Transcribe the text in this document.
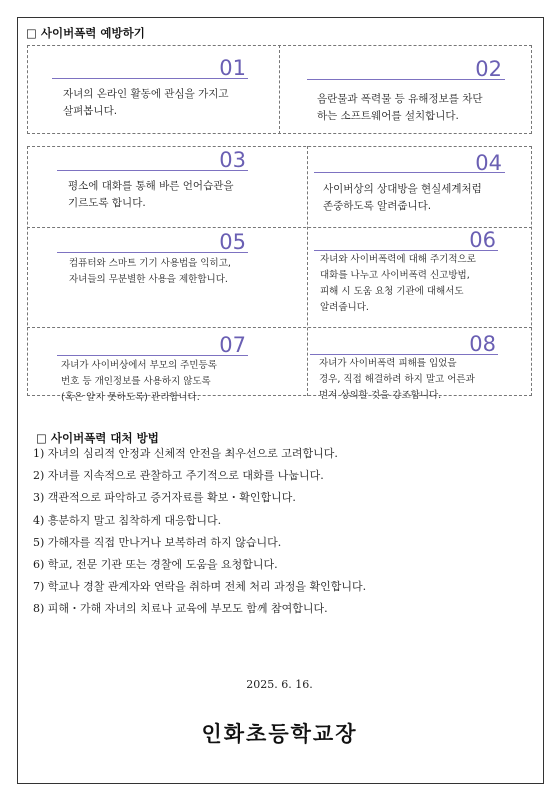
□ 사이버폭력 예방하기
01
자녀의 온라인 활동에 관심을 가지고
살펴봅니다.
02
음란물과 폭력물 등 유해정보를 차단
하는 소프트웨어를 설치합니다.
03
평소에 대화를 통해 바른 언어습관을
기르도록 합니다.
04
사이버상의 상대방을 현실세계처럼
존중하도록 알려줍니다.
05
컴퓨터와 스마트 기기 사용법을 익히고,
자녀들의 무분별한 사용을 제한합니다.
06
자녀와 사이버폭력에 대해 주기적으로
대화를 나누고 사이버폭력 신고방법,
피해 시 도움 요청 기관에 대해서도
알려줍니다.
07
자녀가 사이버상에서 부모의 주민등록
번호 등 개인정보를 사용하지 않도록
(혹은 알지 못하도록) 관리합니다.
08
자녀가 사이버폭력 피해를 입었을
경우, 직접 해결하려 하지 말고 어른과
먼저 상의할 것을 강조합니다.
□ 사이버폭력 대처 방법
1) 자녀의 심리적 안정과 신체적 안전을 최우선으로 고려합니다.
2) 자녀를 지속적으로 관찰하고 주기적으로 대화를 나눕니다.
3) 객관적으로 파악하고 증거자료를 확보・확인합니다.
4) 흥분하지 말고 침착하게 대응합니다.
5) 가해자를 직접 만나거나 보복하려 하지 않습니다.
6) 학교, 전문 기관 또는 경찰에 도움을 요청합니다.
7) 학교나 경찰 관계자와 연락을 취하며 전체 처리 과정을 확인합니다.
8) 피해・가해 자녀의 치료나 교육에 부모도 함께 참여합니다.
2025. 6. 16.
인화초등학교장
